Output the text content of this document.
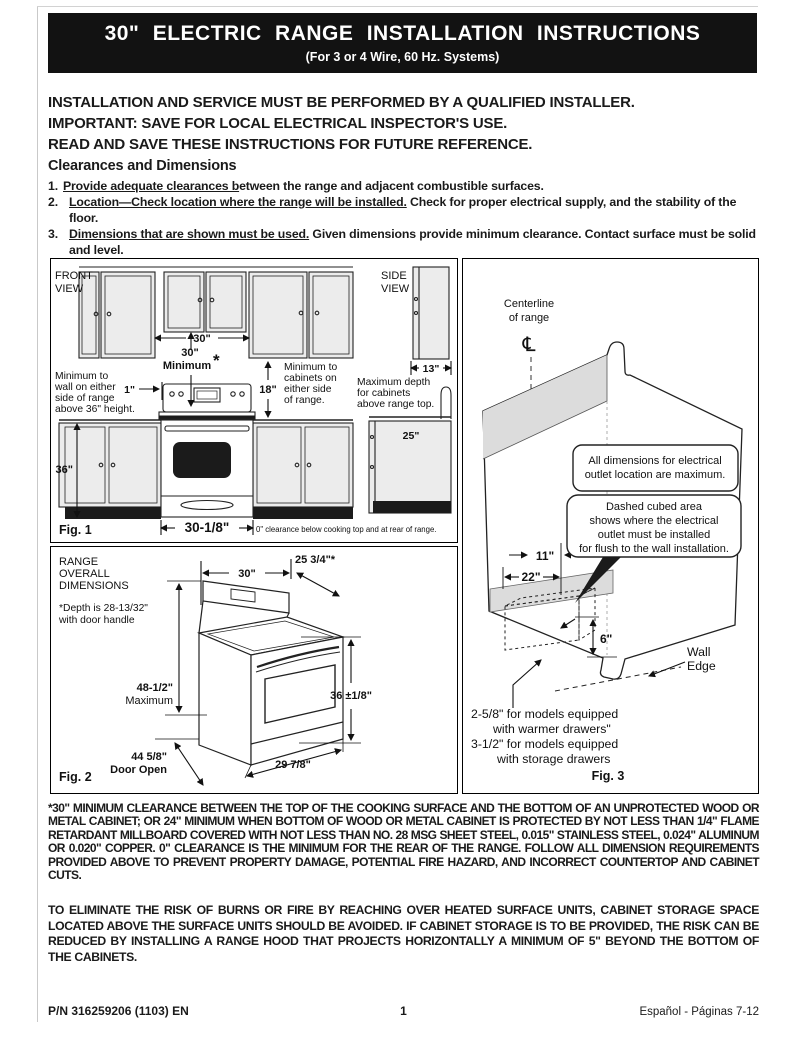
30" ELECTRIC RANGE INSTALLATION INSTRUCTIONS
(For 3 or 4 Wire, 60 Hz. Systems)
INSTALLATION AND SERVICE MUST BE PERFORMED BY A QUALIFIED INSTALLER.
IMPORTANT: SAVE FOR LOCAL ELECTRICAL INSPECTOR'S USE.
READ AND SAVE THESE INSTRUCTIONS FOR FUTURE REFERENCE.
Clearances and Dimensions
1. Provide adequate clearances between the range and adjacent combustible surfaces.
2. Location—Check location where the range will be installed. Check for proper electrical supply, and the stability of the floor.
3. Dimensions that are shown must be used. Given dimensions provide minimum clearance. Contact surface must be solid and level.
FRONT
VIEW
SIDE
VIEW
30"
30"
Minimum *
Minimum to
wall on either
side of range
above 36" height.
1"	18"
Minimum to
cabinets on
either side
of range.
13"
Maximum depth
for cabinets
above range top.
25"
36"
30-1/8"	0" clearance below cooking top and at rear of range.
Fig. 1
RANGE
OVERALL
DIMENSIONS
*Depth is 28-13/32"
with door handle
30"
25 3/4"*
48-1/2"
Maximum	36 ±1/8"
44 5/8"
Door Open	29 7/8"
Fig. 2
Centerline
of range
℄
All dimensions for electrical
outlet location are maximum.
Dashed cubed area
shows where the electrical
outlet must be installed
for flush to the wall installation.
11"
22"
6"
Wall
Edge
2-5/8" for models equipped
with warmer drawers"
3-1/2" for models equipped
with storage drawers
Fig. 3
*30" MINIMUM CLEARANCE BETWEEN THE TOP OF THE COOKING SURFACE AND THE BOTTOM OF AN UNPROTECTED WOOD OR METAL CABINET; OR 24" MINIMUM WHEN BOTTOM OF WOOD OR METAL CABINET IS PROTECTED BY NOT LESS THAN 1/4" FLAME RETARDANT MILLBOARD COVERED WITH NOT LESS THAN NO. 28 MSG SHEET STEEL, 0.015" STAINLESS STEEL, 0.024" ALUMINUM OR 0.020" COPPER. 0" CLEARANCE IS THE MINIMUM FOR THE REAR OF THE RANGE. FOLLOW ALL DIMENSION REQUIREMENTS PROVIDED ABOVE TO PREVENT PROPERTY DAMAGE, POTENTIAL FIRE HAZARD, AND INCORRECT COUNTERTOP AND CABINET CUTS.
TO ELIMINATE THE RISK OF BURNS OR FIRE BY REACHING OVER HEATED SURFACE UNITS, CABINET STORAGE SPACE LOCATED ABOVE THE SURFACE UNITS SHOULD BE AVOIDED. IF CABINET STORAGE IS TO BE PROVIDED, THE RISK CAN BE REDUCED BY INSTALLING A RANGE HOOD THAT PROJECTS HORIZONTALLY A MINIMUM OF 5" BEYOND THE BOTTOM OF THE CABINETS.
P/N 316259206 (1103) EN	1	Español - Páginas 7-12
